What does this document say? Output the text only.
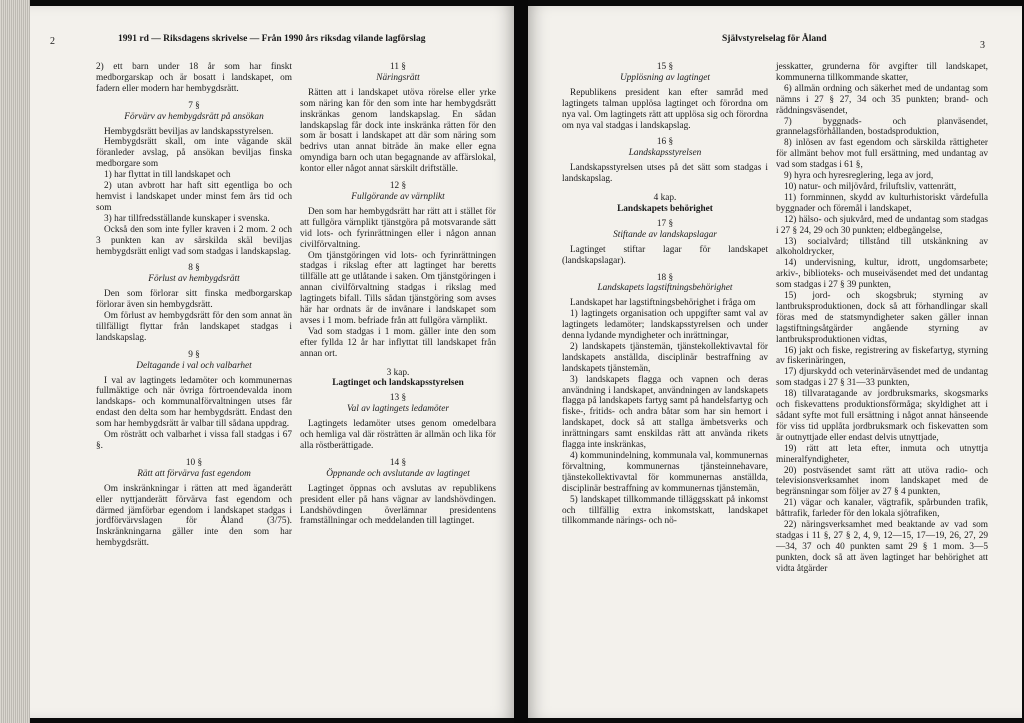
2	1991 rd — Riksdagens skrivelse — Från 1990 års riksdag vilande lagförslag

2) ett barn under 18 år som har finskt medborgarskap och är bosatt i landskapet, om fadern eller modern har hembygdsrätt.

7 §
Förvärv av hembygdsrätt på ansökan

Hembygdsrätt beviljas av landskapsstyrelsen.

Hembygdsrätt skall, om inte vägande skäl föranleder avslag, på ansökan beviljas finska medborgare som

1) har flyttat in till landskapet och

2) utan avbrott har haft sitt egentliga bo och hemvist i landskapet under minst fem års tid och som

3) har tillfredsställande kunskaper i svenska.

Också den som inte fyller kraven i 2 mom. 2 och 3 punkten kan av särskilda skäl beviljas hembygdsrätt enligt vad som stadgas i landskapslag.

8 §
Förlust av hembygdsrätt

Den som förlorar sitt finska medborgarskap förlorar även sin hembygdsrätt.

Om förlust av hembygdsrätt för den som annat än tillfälligt flyttar från landskapet stadgas i landskapslag.

9 §
Deltagande i val och valbarhet

I val av lagtingets ledamöter och kommunernas fullmäktige och när övriga förtroendevalda inom landskaps- och kommunalförvaltningen utses får endast den delta som har hembygdsrätt. Endast den som har hembygdsrätt är valbar till sådana uppdrag.

Om rösträtt och valbarhet i vissa fall stadgas i 67 §.

10 §
Rätt att förvärva fast egendom

Om inskränkningar i rätten att med äganderätt eller nyttjanderätt förvärva fast egendom och därmed jämförbar egendom i landskapet stadgas i jordförvärvslagen för Åland (3/75). Inskränkningarna gäller inte den som har hembygdsrätt.

11 §
Näringsrätt

Rätten att i landskapet utöva rörelse eller yrke som näring kan för den som inte har hembygdsrätt inskränkas genom landskapslag. En sådan landskapslag får dock inte inskränka rätten för den som är bosatt i landskapet att där som näring som bedrivs utan annat biträde än make eller egna omyndiga barn och utan begagnande av affärslokal, kontor eller något annat särskilt driftställe.

12 §
Fullgörande av värnplikt

Den som har hembygdsrätt har rätt att i stället för att fullgöra värnplikt tjänstgöra på motsvarande sätt vid lots- och fyrinrättningen eller i någon annan civilförvaltning.

Om tjänstgöringen vid lots- och fyrinrättningen stadgas i rikslag efter att lagtinget har beretts tillfälle att ge utlåtande i saken. Om tjänstgöringen i annan civilförvaltning stadgas i rikslag med lagtingets bifall. Tills sådan tjänstgöring som avses här har ordnats är de invånare i landskapet som avses i 1 mom. befriade från att fullgöra värnplikt.

Vad som stadgas i 1 mom. gäller inte den som efter fyllda 12 år har inflyttat till landskapet från annan ort.

3 kap.
Lagtinget och landskapsstyrelsen
13 §
Val av lagtingets ledamöter

Lagtingets ledamöter utses genom omedelbara och hemliga val där rösträtten är allmän och lika för alla röstberättigade.

14 §
Öppnande och avslutande av lagtinget

Lagtinget öppnas och avslutas av republikens president eller på hans vägnar av landshövdingen. Landshövdingen överlämnar presidentens framställningar och meddelanden till lagtinget.

Självstyrelselag för Åland
3
15 §
Upplösning av lagtinget

Republikens president kan efter samråd med lagtingets talman upplösa lagtinget och förordna om nya val. Om lagtingets rätt att upplösa sig och förordna om nya val stadgas i landskapslag.

16 §
Landskapsstyrelsen

Landskapsstyrelsen utses på det sätt som stadgas i landskapslag.

4 kap.
Landskapets behörighet
17 §
Stiftande av landskapslagar

Lagtinget stiftar lagar för landskapet (landskapslagar).

18 §
Landskapets lagstiftningsbehörighet

Landskapet har lagstiftningsbehörighet i fråga om

1) lagtingets organisation och uppgifter samt val av lagtingets ledamöter; landskapsstyrelsen och under denna lydande myndigheter och inrättningar,

2) landskapets tjänstemän, tjänstekollektivavtal för landskapets anställda, disciplinär bestraffning av landskapets tjänstemän,

3) landskapets flagga och vapnen och deras användning i landskapet, användningen av landskapets flagga på landskapets fartyg samt på handelsfartyg och fiske-, fritids- och andra båtar som har sin hemort i landskapet, dock så att stallga ämbetsverks och inrättningars samt enskildas rätt att använda rikets flagga inte inskränkas,

4) kommunindelning, kommunala val, kommunernas förvaltning, kommunernas tjänsteinnehavare, tjänstekollektivavtal för kommunernas anställda, disciplinär bestraffning av kommunernas tjänstemän,

5) landskapet tillkommande tilläggsskatt på inkomst och tillfällig extra inkomstskatt, landskapet tillkommande närings- och nö-

jesskatter, grunderna för avgifter till landskapet, kommunerna tillkommande skatter,

6) allmän ordning och säkerhet med de undantag som nämns i 27 § 27, 34 och 35 punkten; brand- och räddningsväsendet,

7) byggnads- och planväsendet, grannelagsförhållanden, bostadsproduktion,

8) inlösen av fast egendom och särskilda rättigheter för allmänt behov mot full ersättning, med undantag av vad som stadgas i 61 §,

9) hyra och hyresreglering, lega av jord,

10) natur- och miljövård, friluftsliv, vattenrätt,

11) fornminnen, skydd av kulturhistoriskt värdefulla byggnader och föremål i landskapet,

12) hälso- och sjukvård, med de undantag som stadgas i 27 § 24, 29 och 30 punkten; eldbegängelse,

13) socialvård; tillstånd till utskänkning av alkoholdrycker,

14) undervisning, kultur, idrott, ungdomsarbete; arkiv-, biblioteks- och museiväsendet med det undantag som stadgas i 27 § 39 punkten,

15) jord- och skogsbruk; styrning av lantbruksproduktionen, dock så att förhandlingar skall föras med de statsmyndigheter saken gäller innan lagstiftningsåtgärder angående styrning av lantbruksproduktionen vidtas,

16) jakt och fiske, registrering av fiskefartyg, styrning av fiskerinäringen,

17) djurskydd och veterinärväsendet med de undantag som stadgas i 27 § 31—33 punkten,

18) tillvaratagande av jordbruksmarks, skogsmarks och fiskevattens produktionsförmåga; skyldighet att i sådant syfte mot full ersättning i något annat hänseende för viss tid upplåta jordbruksmark och fiskevatten som är outnyttjade eller endast delvis utnyttjade,

19) rätt att leta efter, inmuta och utnyttja mineralfyndigheter,

20) postväsendet samt rätt att utöva radio- och televisionsverksamhet inom landskapet med de begränsningar som följer av 27 § 4 punkten,

21) vägar och kanaler, vägtrafik, spårbunden trafik, båttrafik, farleder för den lokala sjötrafiken,

22) näringsverksamhet med beaktande av vad som stadgas i 11 §, 27 § 2, 4, 9, 12—15, 17—19, 26, 27, 29—34, 37 och 40 punkten samt 29 § 1 mom. 3—5 punkten, dock så att även lagtinget har behörighet att vidta åtgärder
